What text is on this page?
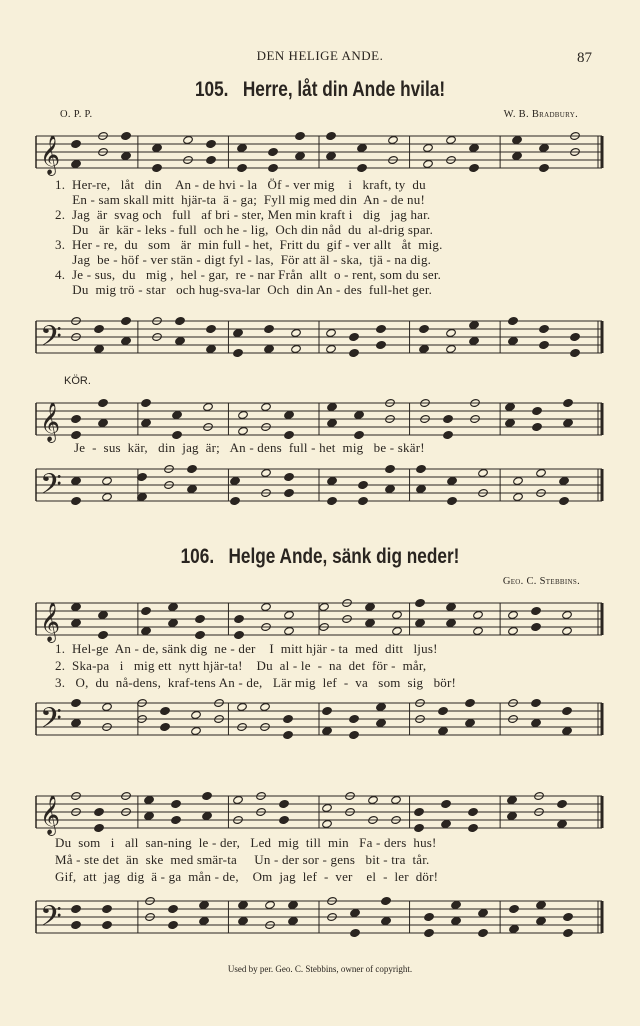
DEN HELIGE ANDE.	87
105. Herre, låt din Ande hvila!
O. P. P.	W. B. Bradbury.
𝄞
𝄢
1.  Her-re,   låt   din    An - de hvi - la   Öf - ver mig    i   kraft, ty  du
En - sam skall mitt  hjär-ta  ä - ga;  Fyll mig med din  An - de nu!
2.  Jag  är  svag och   full   af bri - ster, Men min kraft i   dig   jag har.
Du   är  kär - leks - full  och he - lig,  Och din nåd  du  al-drig spar.
3.  Her - re,  du   som   är  min full - het,  Fritt du  gif - ver allt   åt  mig.
Jag  be - höf - ver stän - digt fyl - las,  För att äl - ska,  tjä - na dig.
4.  Je - sus,  du   mig ,  hel - gar,  re - nar Från  allt  o - rent, som du ser.
Du  mig trö - star   och hug-sva-lar  Och  din An - des  full-het ger.
KÖR.
𝄞
Je  -  sus  kär,   din  jag  är;   An - dens  full - het  mig   be - skär!
𝄢
106. Helge Ande, sänk dig neder!
Geo. C. Stebbins.
𝄞
1.  Hel-ge  An - de, sänk dig  ne - der    I  mitt hjär - ta  med  ditt   ljus!
2.  Ska-pa   i   mig ett  nytt hjär-ta!    Du  al - le  -  na  det  för -  mår,
3.   O,  du  nå-dens,  kraf-tens An - de,   Lär mig  lef  -  va   som  sig   bör!
𝄢
𝄞
Du  som   i   all  san-ning  le - der,   Led  mig  till  min   Fa - ders  hus!
Må - ste det  än  ske  med smär-ta     Un - der sor - gens   bit - tra  tår.
Gif,  att  jag  dig  ä - ga  mån - de,    Om  jag  lef  -  ver    el  -  ler  dör!
𝄢
Used by per. Geo. C. Stebbins, owner of copyright.
